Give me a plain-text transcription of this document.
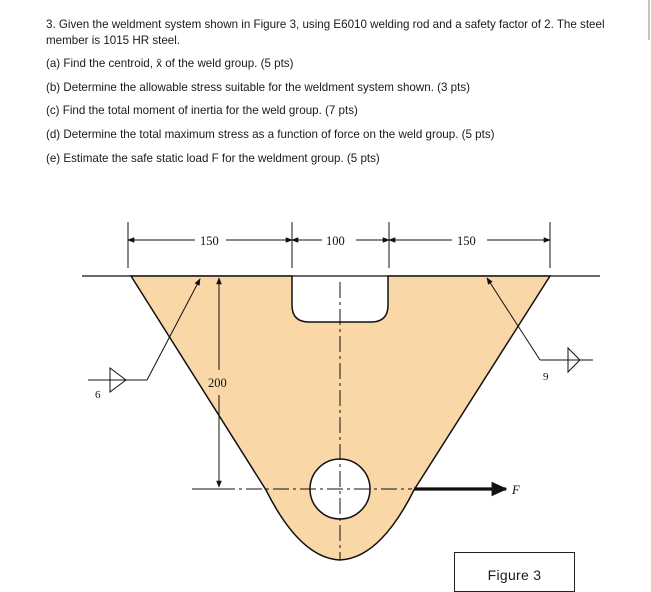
3. Given the weldment system shown in Figure 3, using E6010 welding rod and a safety factor of 2. The steel member is 1015 HR steel.

(a) Find the centroid, x̄ of the weld group. (5 pts)

(b) Determine the allowable stress suitable for the weldment system shown. (3 pts)

(c) Find the total moment of inertia for the weld group. (7 pts)

(d) Determine the total maximum stress as a function of force on the weld group. (5 pts)

(e) Estimate the safe static load F for the weldment group. (5 pts)

F
150	100	150
200
6
9
Figure 3
